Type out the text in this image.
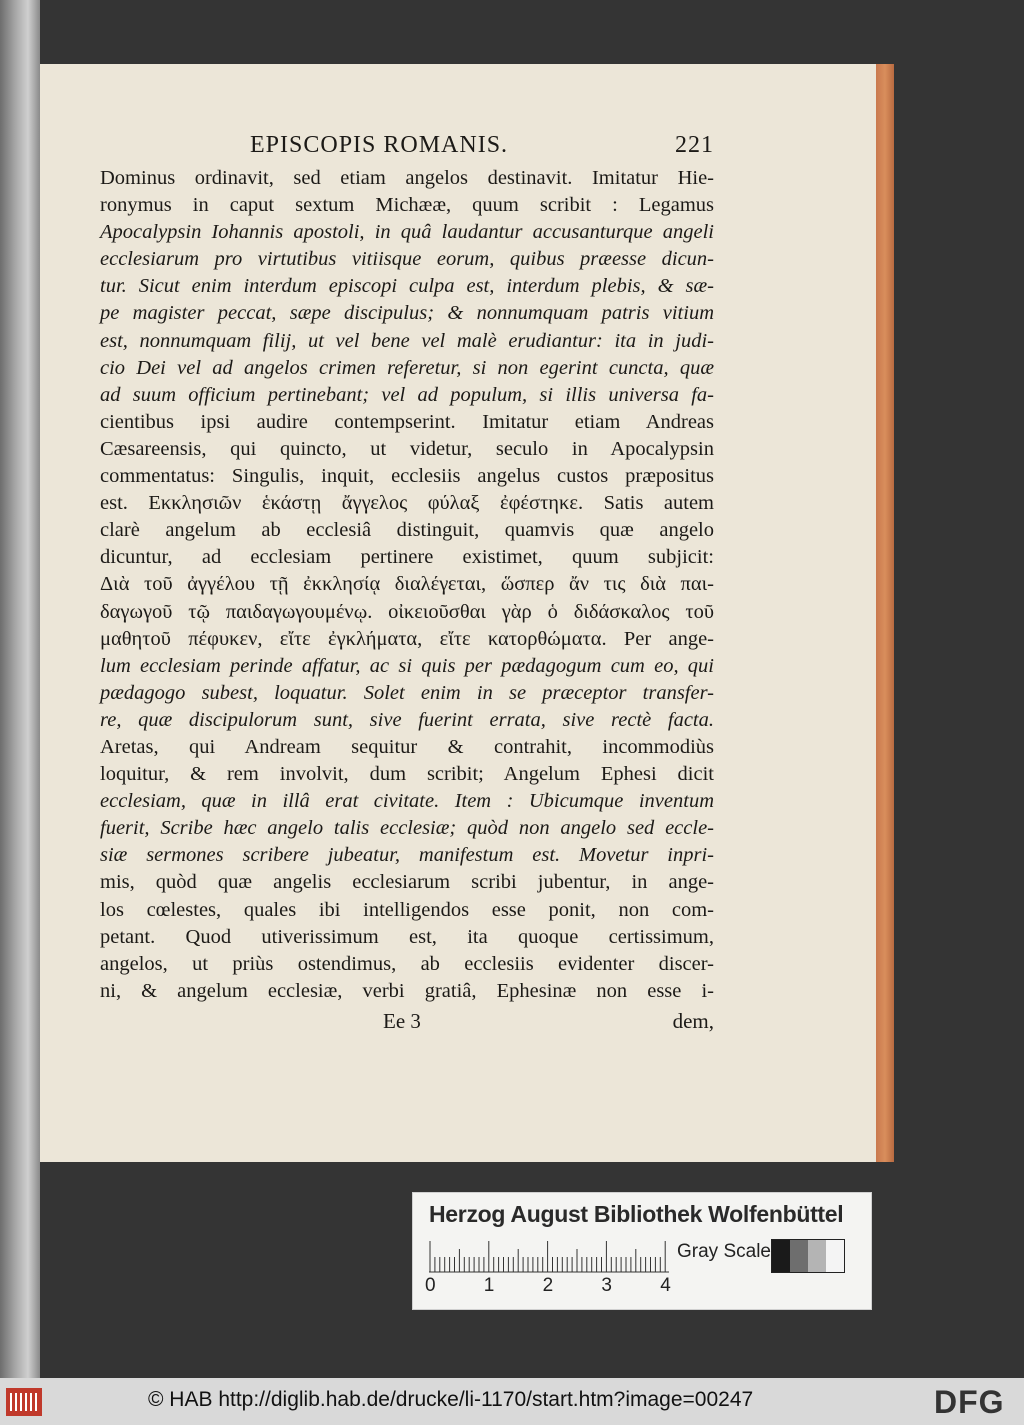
EPISCOPIS ROMANIS.	221
Dominus ordinavit, sed etiam angelos destinavit. Imitatur Hie-
ronymus in caput sextum Michææ, quum scribit : Legamus
Apocalypsin Iohannis apostoli, in quâ laudantur accusanturque angeli
ecclesiarum pro virtutibus vitiisque eorum, quibus præesse dicun-
tur. Sicut enim interdum episcopi culpa est, interdum plebis, & sæ-
pe magister peccat, sæpe discipulus; & nonnumquam patris vitium
est, nonnumquam filij, ut vel bene vel malè erudiantur: ita in judi-
cio Dei vel ad angelos crimen referetur, si non egerint cuncta, quæ
ad suum officium pertinebant; vel ad populum, si illis universa fa-
cientibus ipsi audire contempserint. Imitatur etiam Andreas
Cæsareensis, qui quincto, ut videtur, seculo in Apocalypsin
commentatus: Singulis, inquit, ecclesiis angelus custos præpositus
est. Εκκλησιῶν ἑκάστῃ ἄγγελος φύλαξ ἐφέστηκε. Satis autem
clarè angelum ab ecclesiâ distinguit, quamvis quæ angelo
dicuntur, ad ecclesiam pertinere existimet, quum subjicit:
Διὰ τοῦ ἀγγέλου τῇ ἐκκλησίᾳ διαλέγεται, ὥσπερ ἄν τις διὰ παι-
δαγωγοῦ τῷ παιδαγωγουμένῳ. οἰκειοῦσθαι γὰρ ὁ διδάσκαλος τοῦ
μαθητοῦ πέφυκεν, εἴτε ἐγκλήματα, εἴτε κατορθώματα. Per ange-
lum ecclesiam perinde affatur, ac si quis per pædagogum cum eo, qui
pædagogo subest, loquatur. Solet enim in se præceptor transfer-
re, quæ discipulorum sunt, sive fuerint errata, sive rectè facta.
Aretas, qui Andream sequitur & contrahit, incommodiùs
loquitur, & rem involvit, dum scribit; Angelum Ephesi dicit
ecclesiam, quæ in illâ erat civitate. Item : Ubicumque inventum
fuerit, Scribe hæc angelo talis ecclesiæ; quòd non angelo sed eccle-
siæ sermones scribere jubeatur, manifestum est. Movetur inpri-
mis, quòd quæ angelis ecclesiarum scribi jubentur, in ange-
los cœlestes, quales ibi intelligendos esse ponit, non com-
petant. Quod utiverissimum est, ita quoque certissimum,
angelos, ut priùs ostendimus, ab ecclesiis evidenter discer-
ni, & angelum ecclesiæ, verbi gratiâ, Ephesinæ non esse i-
Ee 3	dem,
Herzog August Bibliothek Wolfenbüttel
0	1	2	3	4
Gray Scale
© HAB http://diglib.hab.de/drucke/li-1170/start.htm?image=00247	DFG
